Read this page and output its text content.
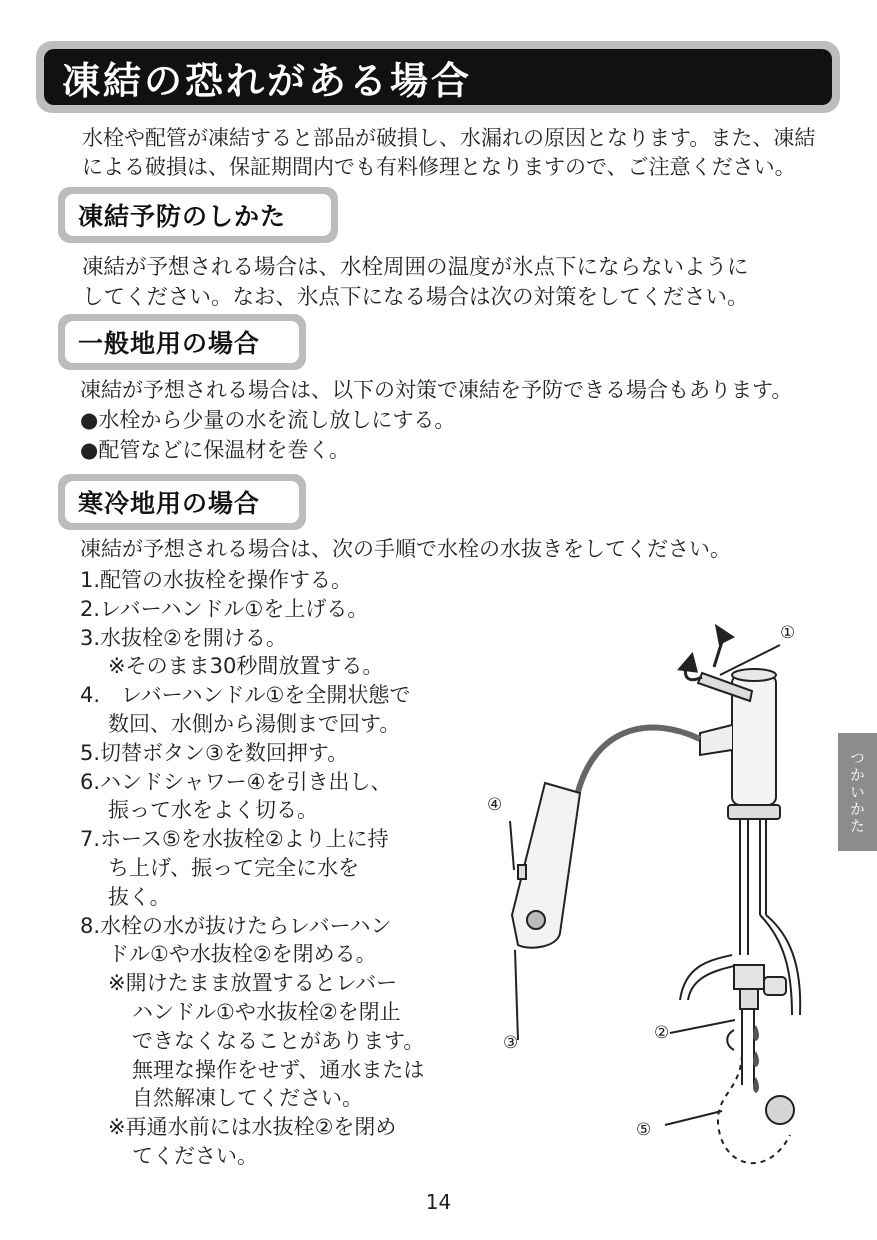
凍結の恐れがある場合
水栓や配管が凍結すると部品が破損し、水漏れの原因となります。また、凍結
による破損は、保証期間内でも有料修理となりますので、ご注意ください。
凍結予防のしかた
凍結が予想される場合は、水栓周囲の温度が氷点下にならないように
してください。なお、氷点下になる場合は次の対策をしてください。
一般地用の場合
凍結が予想される場合は、以下の対策で凍結を予防できる場合もあります。
●水栓から少量の水を流し放しにする。
●配管などに保温材を巻く。
寒冷地用の場合
凍結が予想される場合は、次の手順で水栓の水抜きをしてください。
1. 配管の水抜栓を操作する。
2. レバーハンドル①を上げる。
3. 水抜栓②を開ける。
※そのまま30秒間放置する。
4. 　レバーハンドル①を全開状態で
数回、水側から湯側まで回す。
5. 切替ボタン③を数回押す。
6. ハンドシャワー④を引き出し、
振って水をよく切る。
7. ホース⑤を水抜栓②より上に持
ち上げ、振って完全に水を
抜く。
8. 水栓の水が抜けたらレバーハン
ドル①や水抜栓②を閉める。
※開けたまま放置するとレバー
ハンドル①や水抜栓②を閉止
できなくなることがあります。
無理な操作をせず、通水または
自然解凍してください。
※再通水前には水抜栓②を閉め
てください。
①
②
③
④
⑤
つかいかた
14
